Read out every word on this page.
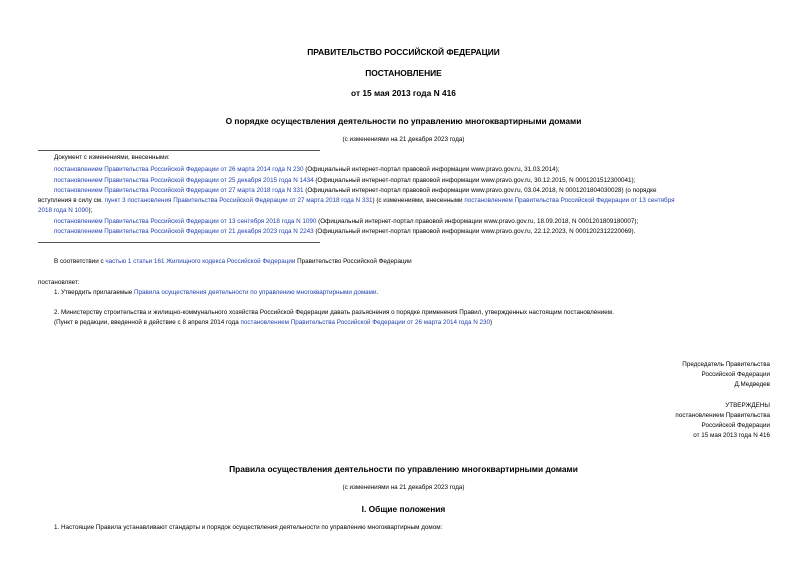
ПРАВИТЕЛЬСТВО РОССИЙСКОЙ ФЕДЕРАЦИИ
ПОСТАНОВЛЕНИЕ
от 15 мая 2013 года N 416
О порядке осуществления деятельности по управлению многоквартирными домами
(с изменениями на 21 декабря 2023 года)
Документ с изменениями, внесенными:
постановлением Правительства Российской Федерации от 26 марта 2014 года N 230 (Официальный интернет-портал правовой информации www.pravo.gov.ru, 31.03.2014);
постановлением Правительства Российской Федерации от 25 декабря 2015 года N 1434 (Официальный интернет-портал правовой информации www.pravo.gov.ru, 30.12.2015, N 0001201512300041);
постановлением Правительства Российской Федерации от 27 марта 2018 года N 331 (Официальный интернет-портал правовой информации www.pravo.gov.ru, 03.04.2018, N 0001201804030028) (о порядке
вступления в силу см. пункт 3 постановления Правительства Российской Федерации от 27 марта 2018 года N 331) (с изменениями, внесенными постановлением Правительства Российской Федерации от 13 сентября
2018 года N 1090);
постановлением Правительства Российской Федерации от 13 сентября 2018 года N 1090 (Официальный интернет-портал правовой информации www.pravo.gov.ru, 18.09.2018, N 0001201809180007);
постановлением Правительства Российской Федерации от 21 декабря 2023 года N 2243 (Официальный интернет-портал правовой информации www.pravo.gov.ru, 22.12.2023, N 0001202312220069).
В соответствии с частью 1 статьи 161 Жилищного кодекса Российской Федерации Правительство Российской Федерации
постановляет:
1. Утвердить прилагаемые Правила осуществления деятельности по управлению многоквартирными домами.
2. Министерству строительства и жилищно-коммунального хозяйства Российской Федерации давать разъяснения о порядке применения Правил, утвержденных настоящим постановлением.
(Пункт в редакции, введенной в действие с 8 апреля 2014 года постановлением Правительства Российской Федерации от 26 марта 2014 года N 230)
Председатель Правительства
Российской Федерации
Д.Медведев
УТВЕРЖДЕНЫ
постановлением Правительства
Российской Федерации
от 15 мая 2013 года N 416
Правила осуществления деятельности по управлению многоквартирными домами
(с изменениями на 21 декабря 2023 года)
I. Общие положения
1. Настоящие Правила устанавливают стандарты и порядок осуществления деятельности по управлению многоквартирным домом:
